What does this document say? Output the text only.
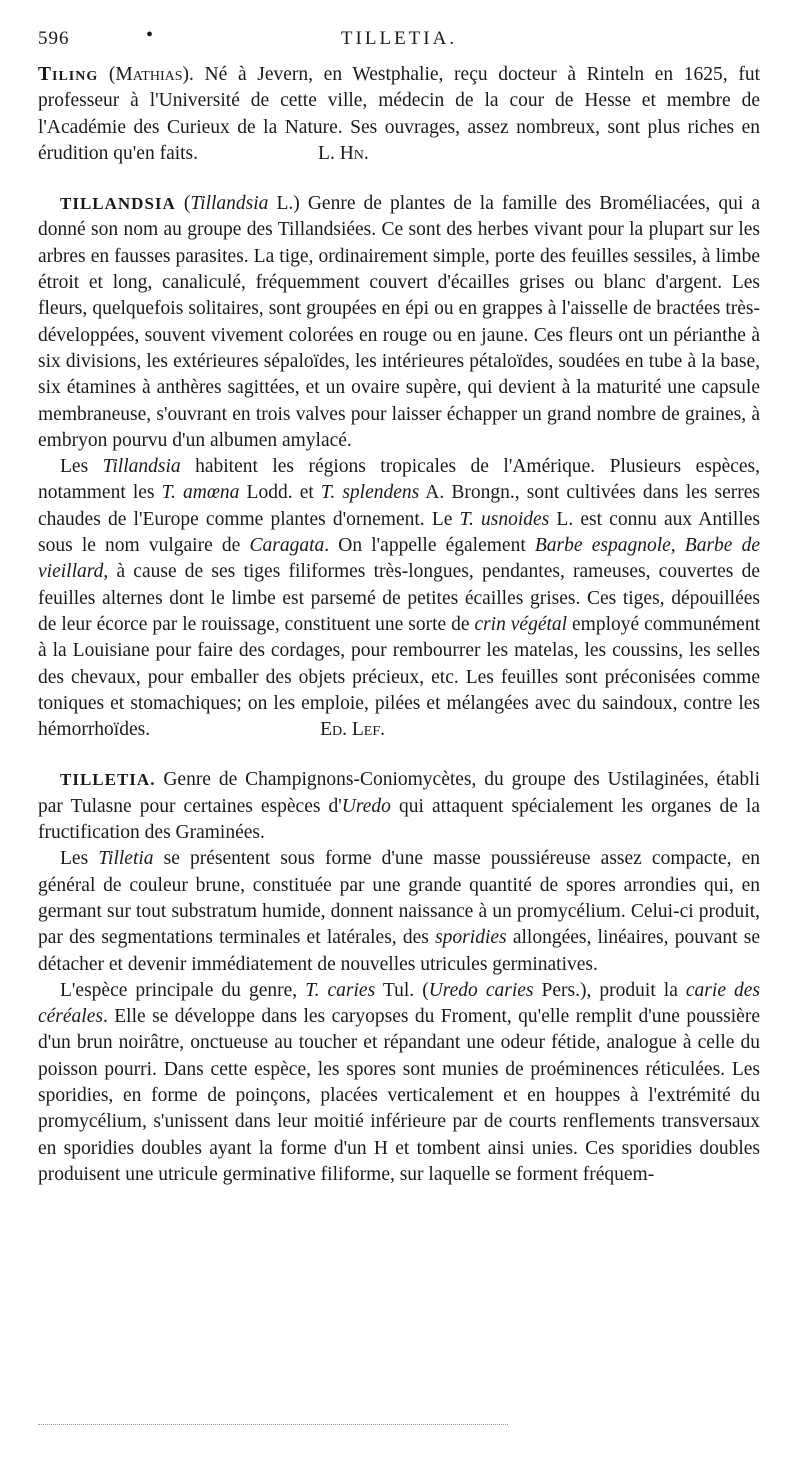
596	•	TILLETIA.

Tiling (Mathias). Né à Jevern, en Westphalie, reçu docteur à Rinteln en 1625, fut professeur à l'Université de cette ville, médecin de la cour de Hesse et membre de l'Académie des Curieux de la Nature. Ses ouvrages, assez nombreux, sont plus riches en érudition qu'en faits.	L. Hn.

TILLANDSIA (Tillandsia L.) Genre de plantes de la famille des Broméliacées, qui a donné son nom au groupe des Tillandsiées. Ce sont des herbes vivant pour la plupart sur les arbres en fausses parasites. La tige, ordinairement simple, porte des feuilles sessiles, à limbe étroit et long, canaliculé, fréquemment couvert d'écailles grises ou blanc d'argent. Les fleurs, quelquefois solitaires, sont groupées en épi ou en grappes à l'aisselle de bractées très-développées, souvent vivement colorées en rouge ou en jaune. Ces fleurs ont un périanthe à six divisions, les extérieures sépaloïdes, les intérieures pétaloïdes, soudées en tube à la base, six étamines à anthères sagittées, et un ovaire supère, qui devient à la maturité une capsule membraneuse, s'ouvrant en trois valves pour laisser échapper un grand nombre de graines, à embryon pourvu d'un albumen amylacé.

Les Tillandsia habitent les régions tropicales de l'Amérique. Plusieurs espèces, notamment les T. amœna Lodd. et T. splendens A. Brongn., sont cultivées dans les serres chaudes de l'Europe comme plantes d'ornement. Le T. usnoides L. est connu aux Antilles sous le nom vulgaire de Caragata. On l'appelle également Barbe espagnole, Barbe de vieillard, à cause de ses tiges filiformes très-longues, pendantes, rameuses, couvertes de feuilles alternes dont le limbe est parsemé de petites écailles grises. Ces tiges, dépouillées de leur écorce par le rouissage, constituent une sorte de crin végétal employé communément à la Louisiane pour faire des cordages, pour rembourrer les matelas, les coussins, les selles des chevaux, pour emballer des objets précieux, etc. Les feuilles sont préconisées comme toniques et stomachiques; on les emploie, pilées et mélangées avec du saindoux, contre les hémorrhoïdes.	Ed. Lef.

TILLETIA. Genre de Champignons-Coniomycètes, du groupe des Ustilaginées, établi par Tulasne pour certaines espèces d'Uredo qui attaquent spécialement les organes de la fructification des Graminées.

Les Tilletia se présentent sous forme d'une masse poussiéreuse assez compacte, en général de couleur brune, constituée par une grande quantité de spores arrondies qui, en germant sur tout substratum humide, donnent naissance à un promycélium. Celui-ci produit, par des segmentations terminales et latérales, des sporidies allongées, linéaires, pouvant se détacher et devenir immédiatement de nouvelles utricules germinatives.

L'espèce principale du genre, T. caries Tul. (Uredo caries Pers.), produit la carie des céréales. Elle se développe dans les caryopses du Froment, qu'elle remplit d'une poussière d'un brun noirâtre, onctueuse au toucher et répandant une odeur fétide, analogue à celle du poisson pourri. Dans cette espèce, les spores sont munies de proéminences réticulées. Les sporidies, en forme de poinçons, placées verticalement et en houppes à l'extrémité du promycélium, s'unissent dans leur moitié inférieure par de courts renflements transversaux en sporidies doubles ayant la forme d'un H et tombent ainsi unies. Ces sporidies doubles produisent une utricule germinative filiforme, sur laquelle se forment fréquem-
